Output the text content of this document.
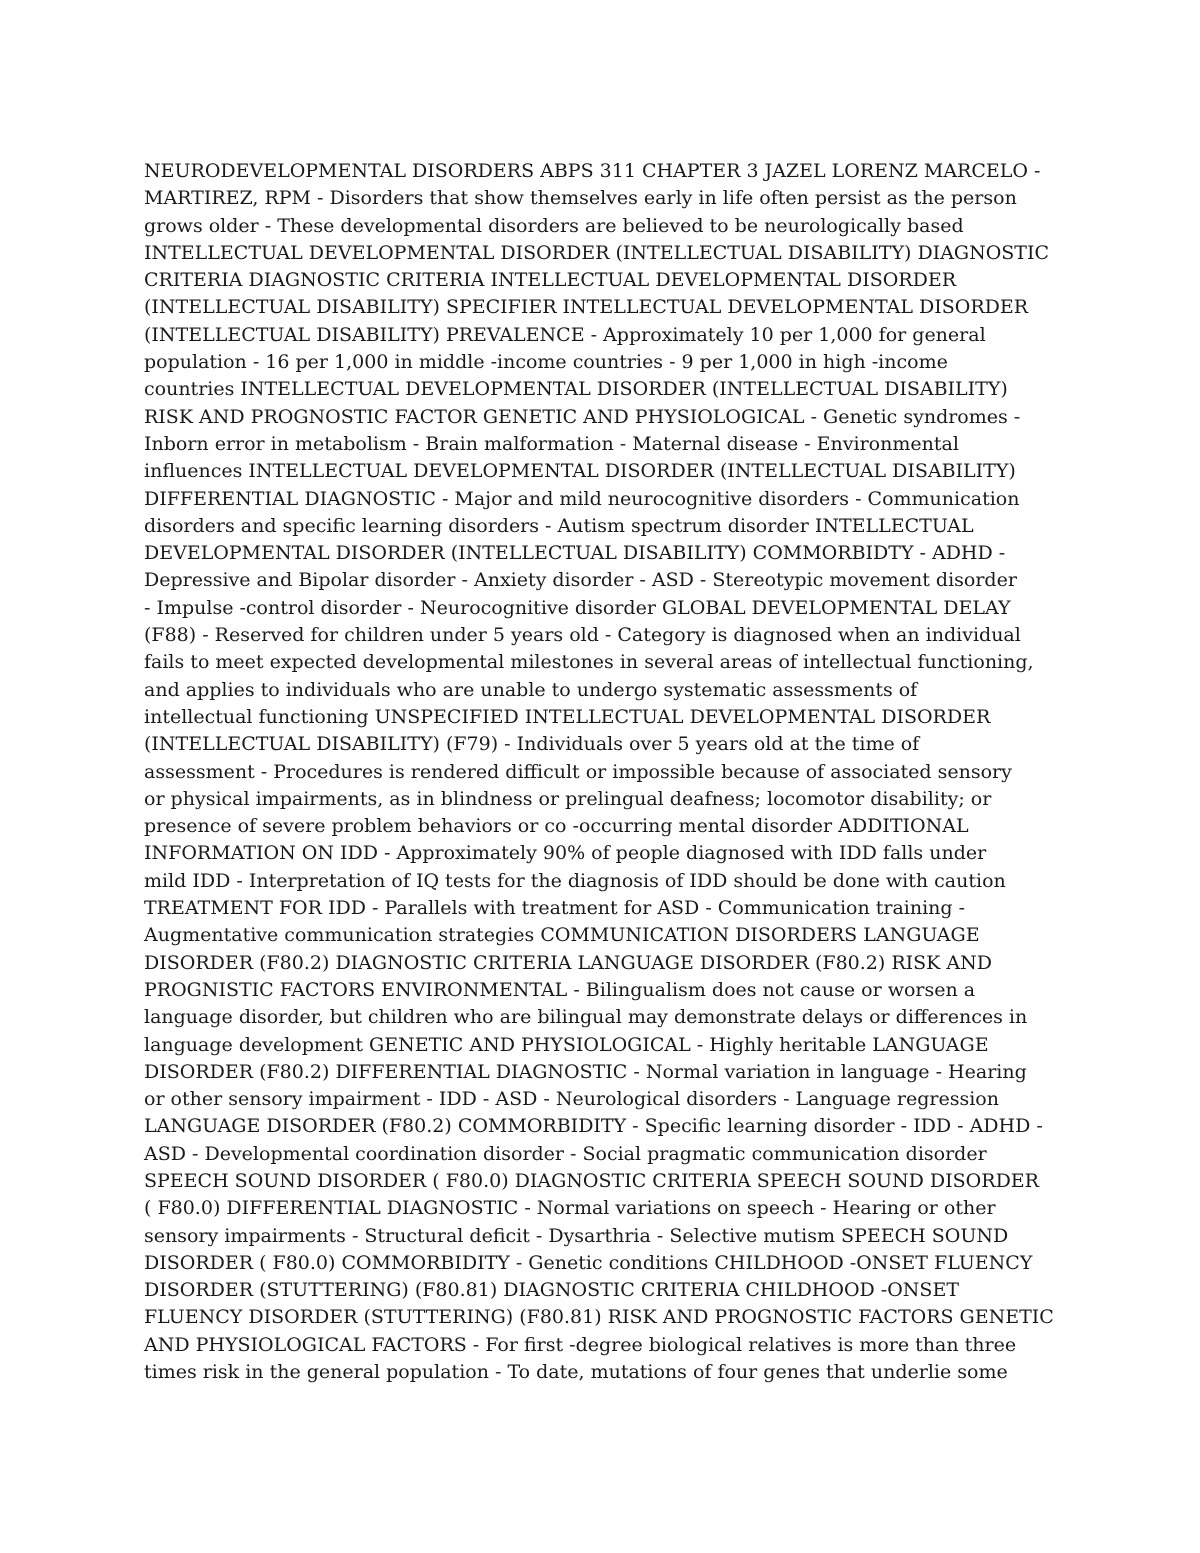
NEURODEVELOPMENTAL DISORDERS ABPS 311 CHAPTER 3 JAZEL LORENZ MARCELO -
MARTIREZ, RPM - Disorders that show themselves early in life often persist as the person
grows older - These developmental disorders are believed to be neurologically based
INTELLECTUAL DEVELOPMENTAL DISORDER (INTELLECTUAL DISABILITY) DIAGNOSTIC
CRITERIA DIAGNOSTIC CRITERIA INTELLECTUAL DEVELOPMENTAL DISORDER
(INTELLECTUAL DISABILITY) SPECIFIER INTELLECTUAL DEVELOPMENTAL DISORDER
(INTELLECTUAL DISABILITY) PREVALENCE - Approximately 10 per 1,000 for general
population - 16 per 1,000 in middle -income countries - 9 per 1,000 in high -income
countries INTELLECTUAL DEVELOPMENTAL DISORDER (INTELLECTUAL DISABILITY)
RISK AND PROGNOSTIC FACTOR GENETIC AND PHYSIOLOGICAL - Genetic syndromes -
Inborn error in metabolism - Brain malformation - Maternal disease - Environmental
influences INTELLECTUAL DEVELOPMENTAL DISORDER (INTELLECTUAL DISABILITY)
DIFFERENTIAL DIAGNOSTIC - Major and mild neurocognitive disorders - Communication
disorders and specific learning disorders - Autism spectrum disorder INTELLECTUAL
DEVELOPMENTAL DISORDER (INTELLECTUAL DISABILITY) COMMORBIDTY - ADHD -
Depressive and Bipolar disorder - Anxiety disorder - ASD - Stereotypic movement disorder
- Impulse -control disorder - Neurocognitive disorder GLOBAL DEVELOPMENTAL DELAY
(F88) - Reserved for children under 5 years old - Category is diagnosed when an individual
fails to meet expected developmental milestones in several areas of intellectual functioning,
and applies to individuals who are unable to undergo systematic assessments of
intellectual functioning UNSPECIFIED INTELLECTUAL DEVELOPMENTAL DISORDER
(INTELLECTUAL DISABILITY) (F79) - Individuals over 5 years old at the time of
assessment - Procedures is rendered difficult or impossible because of associated sensory
or physical impairments, as in blindness or prelingual deafness; locomotor disability; or
presence of severe problem behaviors or co -occurring mental disorder ADDITIONAL
INFORMATION ON IDD - Approximately 90% of people diagnosed with IDD falls under
mild IDD - Interpretation of IQ tests for the diagnosis of IDD should be done with caution
TREATMENT FOR IDD - Parallels with treatment for ASD - Communication training -
Augmentative communication strategies COMMUNICATION DISORDERS LANGUAGE
DISORDER (F80.2) DIAGNOSTIC CRITERIA LANGUAGE DISORDER (F80.2) RISK AND
PROGNISTIC FACTORS ENVIRONMENTAL - Bilingualism does not cause or worsen a
language disorder, but children who are bilingual may demonstrate delays or differences in
language development GENETIC AND PHYSIOLOGICAL - Highly heritable LANGUAGE
DISORDER (F80.2) DIFFERENTIAL DIAGNOSTIC - Normal variation in language - Hearing
or other sensory impairment - IDD - ASD - Neurological disorders - Language regression
LANGUAGE DISORDER (F80.2) COMMORBIDITY - Specific learning disorder - IDD - ADHD -
ASD - Developmental coordination disorder - Social pragmatic communication disorder
SPEECH SOUND DISORDER ( F80.0) DIAGNOSTIC CRITERIA SPEECH SOUND DISORDER
( F80.0) DIFFERENTIAL DIAGNOSTIC - Normal variations on speech - Hearing or other
sensory impairments - Structural deficit - Dysarthria - Selective mutism SPEECH SOUND
DISORDER ( F80.0) COMMORBIDITY - Genetic conditions CHILDHOOD -ONSET FLUENCY
DISORDER (STUTTERING) (F80.81) DIAGNOSTIC CRITERIA CHILDHOOD -ONSET
FLUENCY DISORDER (STUTTERING) (F80.81) RISK AND PROGNOSTIC FACTORS GENETIC
AND PHYSIOLOGICAL FACTORS - For first -degree biological relatives is more than three
times risk in the general population - To date, mutations of four genes that underlie some
